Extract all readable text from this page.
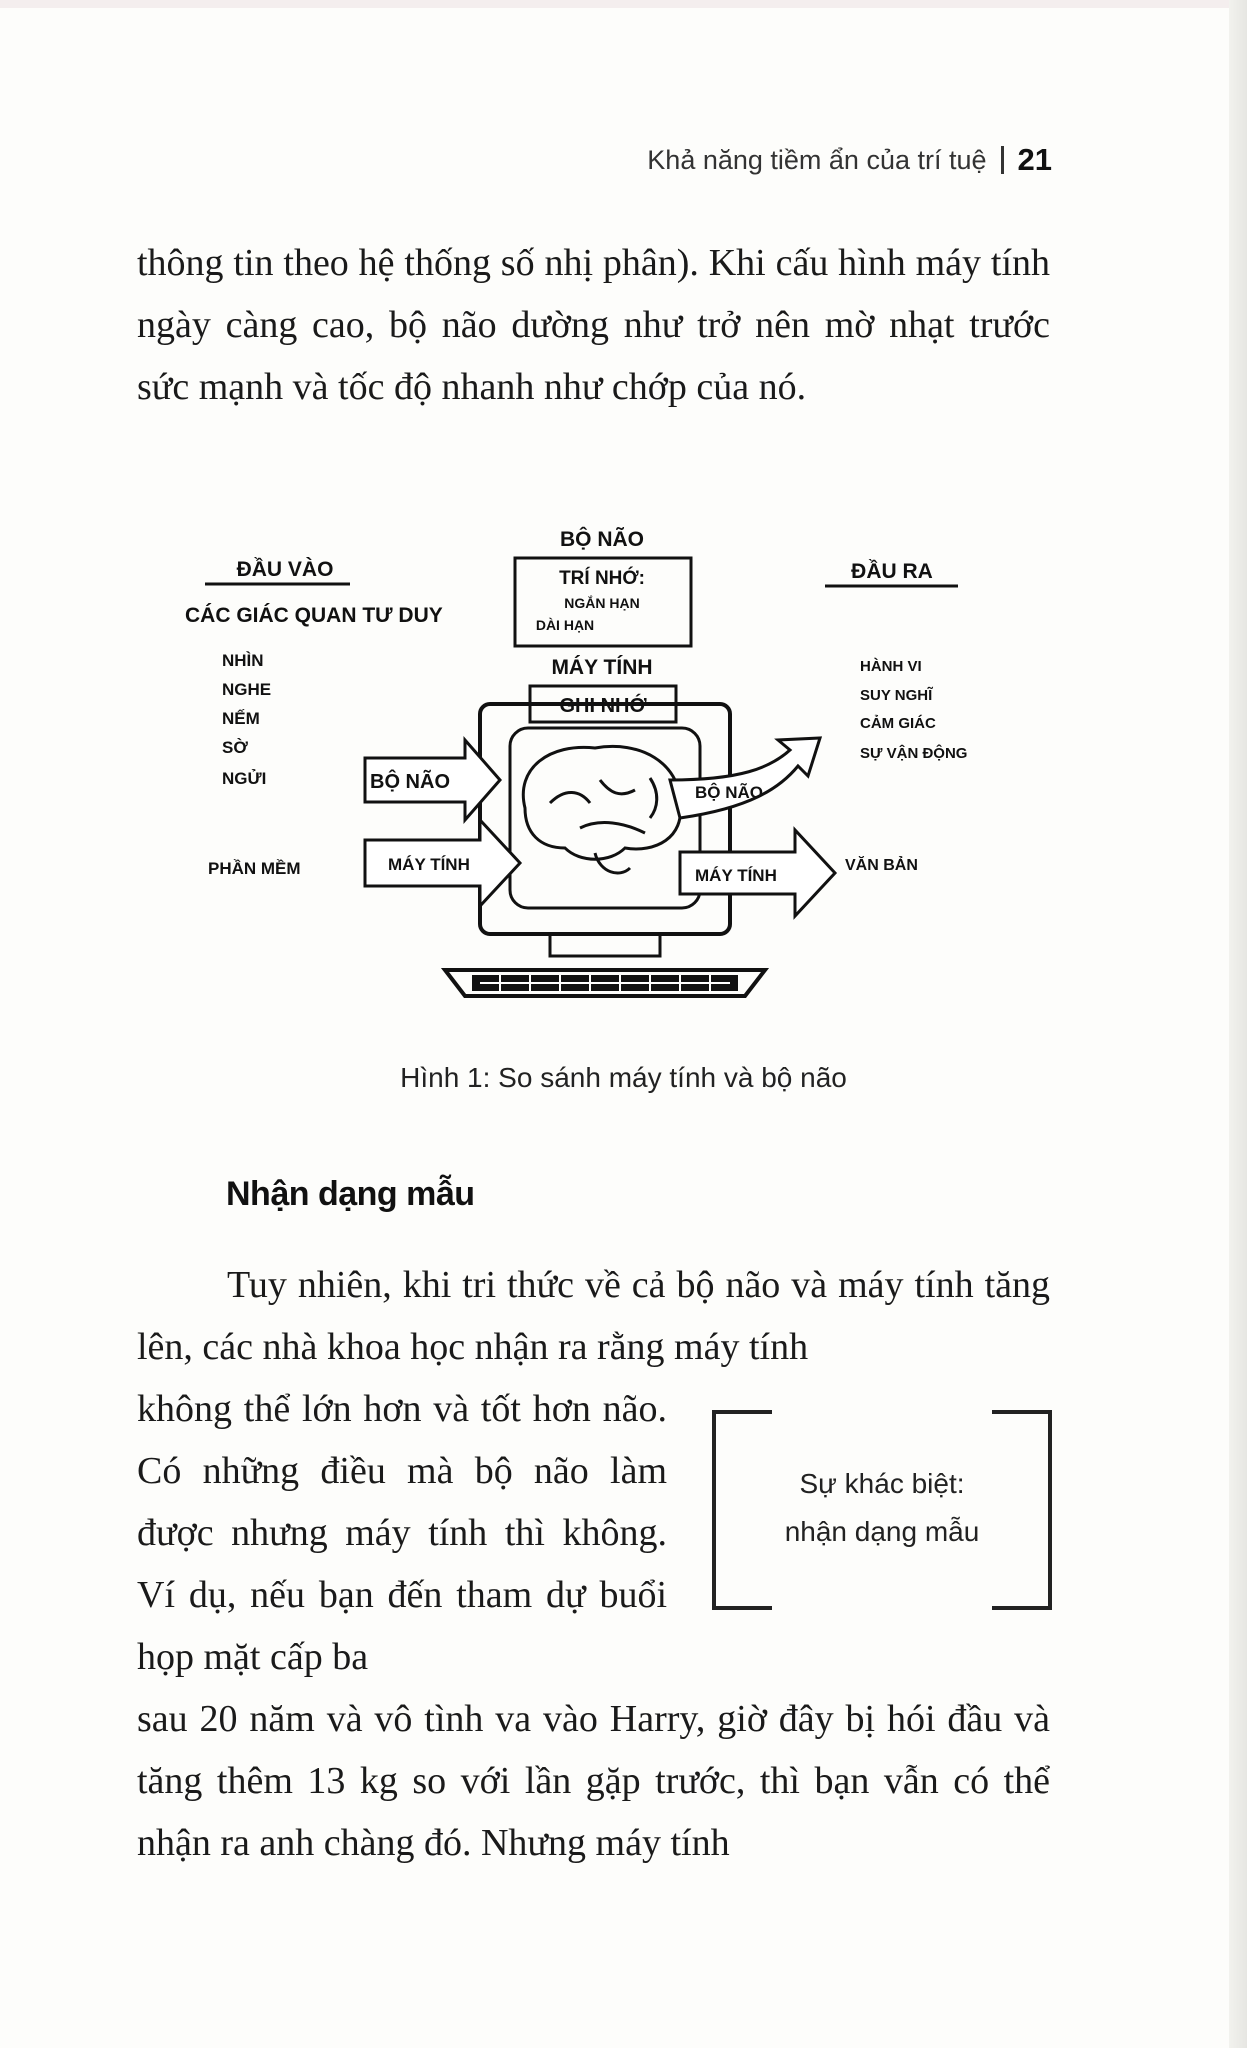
Khả năng tiềm ẩn của trí tuệ 21
thông tin theo hệ thống số nhị phân). Khi cấu hình máy tính ngày càng cao, bộ não dường như trở nên mờ nhạt trước sức mạnh và tốc độ nhanh như chớp của nó.
ĐẦU VÀO
CÁC GIÁC QUAN TƯ DUY
NHÌN
NGHE
NẾM
SỜ
NGỬI
PHẦN MỀM
BỘ NÃO
TRÍ NHỚ:
NGẮN HẠN
DÀI HẠN
MÁY TÍNH
GHI NHỚ
BỘ NÃO
MÁY TÍNH
BỘ NÃO
MÁY TÍNH
ĐẦU RA
HÀNH VI
SUY NGHĨ
CẢM GIÁC
SỰ VẬN ĐỘNG
VĂN BẢN
Hình 1: So sánh máy tính và bộ não
Nhận dạng mẫu
Tuy nhiên, khi tri thức về cả bộ não và máy tính tăng lên, các nhà khoa học nhận ra rằng máy tính
không thể lớn hơn và tốt hơn não. Có những điều mà bộ não làm được nhưng máy tính thì không. Ví dụ, nếu bạn đến tham dự buổi họp mặt cấp ba
Sự khác biệt:
nhận dạng mẫu
sau 20 năm và vô tình va vào Harry, giờ đây bị hói đầu và tăng thêm 13 kg so với lần gặp trước, thì bạn vẫn có thể nhận ra anh chàng đó. Nhưng máy tính
